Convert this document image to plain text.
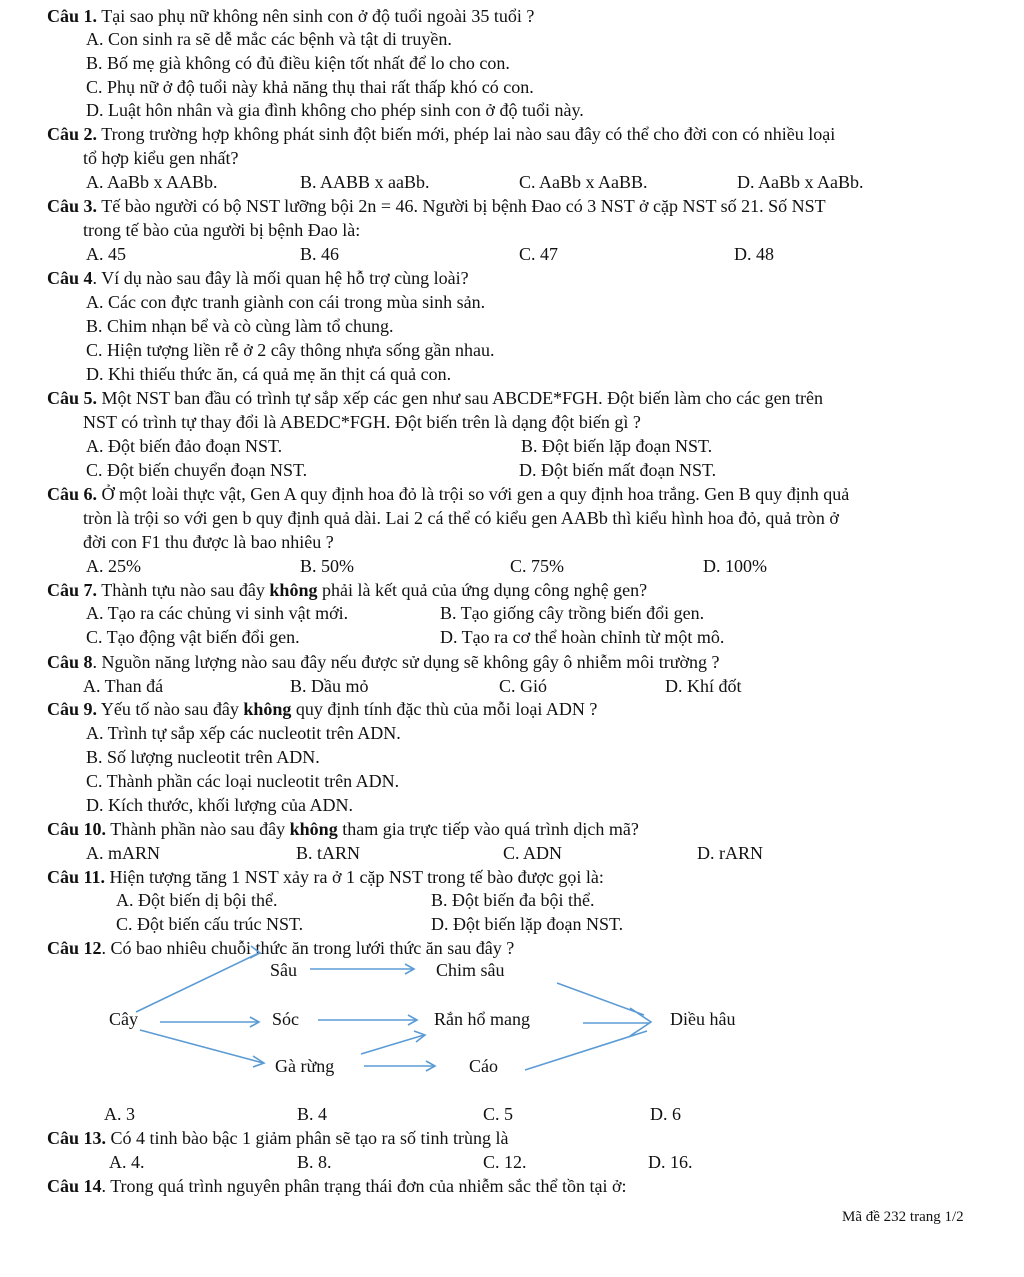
Câu 1. Tại sao phụ nữ không nên sinh con ở độ tuổi ngoài 35 tuổi ?
A. Con sinh ra sẽ dễ mắc các bệnh và tật di truyền.
B. Bố mẹ già không có đủ điều kiện tốt nhất để lo cho con.
C. Phụ nữ ở độ tuổi này khả năng thụ thai rất thấp khó có con.
D. Luật hôn nhân và gia đình không cho phép sinh con ở độ tuổi này.
Câu 2. Trong trường hợp không phát sinh đột biến mới, phép lai nào sau đây có thể cho đời con có nhiều loại
tổ hợp kiểu gen nhất?
A. AaBb x AABb.	B. AABB x aaBb.	C. AaBb x AaBB.	D. AaBb x AaBb.
Câu 3. Tế bào người có bộ NST lưỡng bội 2n = 46. Người bị bệnh Đao có 3 NST ở cặp NST số 21. Số NST
trong tế bào của người bị bệnh Đao là:
A. 45	B. 46	C. 47	D. 48
Câu 4. Ví dụ nào sau đây là mối quan hệ hỗ trợ cùng loài?
A. Các con đực tranh giành con cái trong mùa sinh sản.
B. Chim nhạn bể và cò cùng làm tổ chung.
C. Hiện tượng liền rễ ở 2 cây thông nhựa sống gần nhau.
D. Khi thiếu thức ăn, cá quả mẹ ăn thịt cá quả con.
Câu 5. Một NST ban đầu có trình tự sắp xếp các gen như sau ABCDE*FGH. Đột biến làm cho các gen trên
NST có trình tự thay đổi là ABEDC*FGH. Đột biến trên là dạng đột biến gì ?
A. Đột biến đảo đoạn NST.	B. Đột biến lặp đoạn NST.
C. Đột biến chuyển đoạn NST.	D. Đột biến mất đoạn NST.
Câu 6. Ở một loài thực vật, Gen A quy định hoa đỏ là trội so với gen a quy định hoa trắng. Gen B quy định quả
tròn là trội so với gen b quy định quả dài. Lai 2 cá thể có kiểu gen AABb thì kiểu hình hoa đỏ, quả tròn ở
đời con F1 thu được là bao nhiêu ?
A. 25%	B. 50%	C. 75%	D. 100%
Câu 7. Thành tựu nào sau đây không phải là kết quả của ứng dụng công nghệ gen?
A. Tạo ra các chủng vi sinh vật mới.	B. Tạo giống cây trồng biến đổi gen.
C. Tạo động vật biến đổi gen.	D. Tạo ra cơ thể hoàn chỉnh từ một mô.
Câu 8. Nguồn năng lượng nào sau đây nếu được sử dụng sẽ không gây ô nhiễm môi trường ?
A. Than đá	B. Dầu mỏ	C. Gió	D. Khí đốt
Câu 9. Yếu tố nào sau đây không quy định tính đặc thù của mỗi loại ADN ?
A. Trình tự sắp xếp các nucleotit trên ADN.
B. Số lượng nucleotit trên ADN.
C. Thành phần các loại nucleotit trên ADN.
D. Kích thước, khối lượng của ADN.
Câu 10. Thành phần nào sau đây không tham gia trực tiếp vào quá trình dịch mã?
A. mARN	B. tARN	C. ADN	D. rARN
Câu 11. Hiện tượng tăng 1 NST xảy ra ở 1 cặp NST trong tế bào được gọi là:
A. Đột biến dị bội thể.	B. Đột biến đa bội thể.
C. Đột biến cấu trúc NST.	D. Đột biến lặp đoạn NST.
Câu 12. Có bao nhiêu chuỗi thức ăn trong lưới thức ăn sau đây ?
Sâu	Chim sâu
Cây	Sóc	Rắn hổ mang	Diều hâu
Gà rừng	Cáo
A. 3	B. 4	C. 5	D. 6
Câu 13. Có 4 tinh bào bậc 1 giảm phân sẽ tạo ra số tinh trùng là
A. 4.	B. 8.	C. 12.	D. 16.
Câu 14. Trong quá trình nguyên phân trạng thái đơn của nhiễm sắc thể tồn tại ở:
Mã đề 232 trang 1/2
